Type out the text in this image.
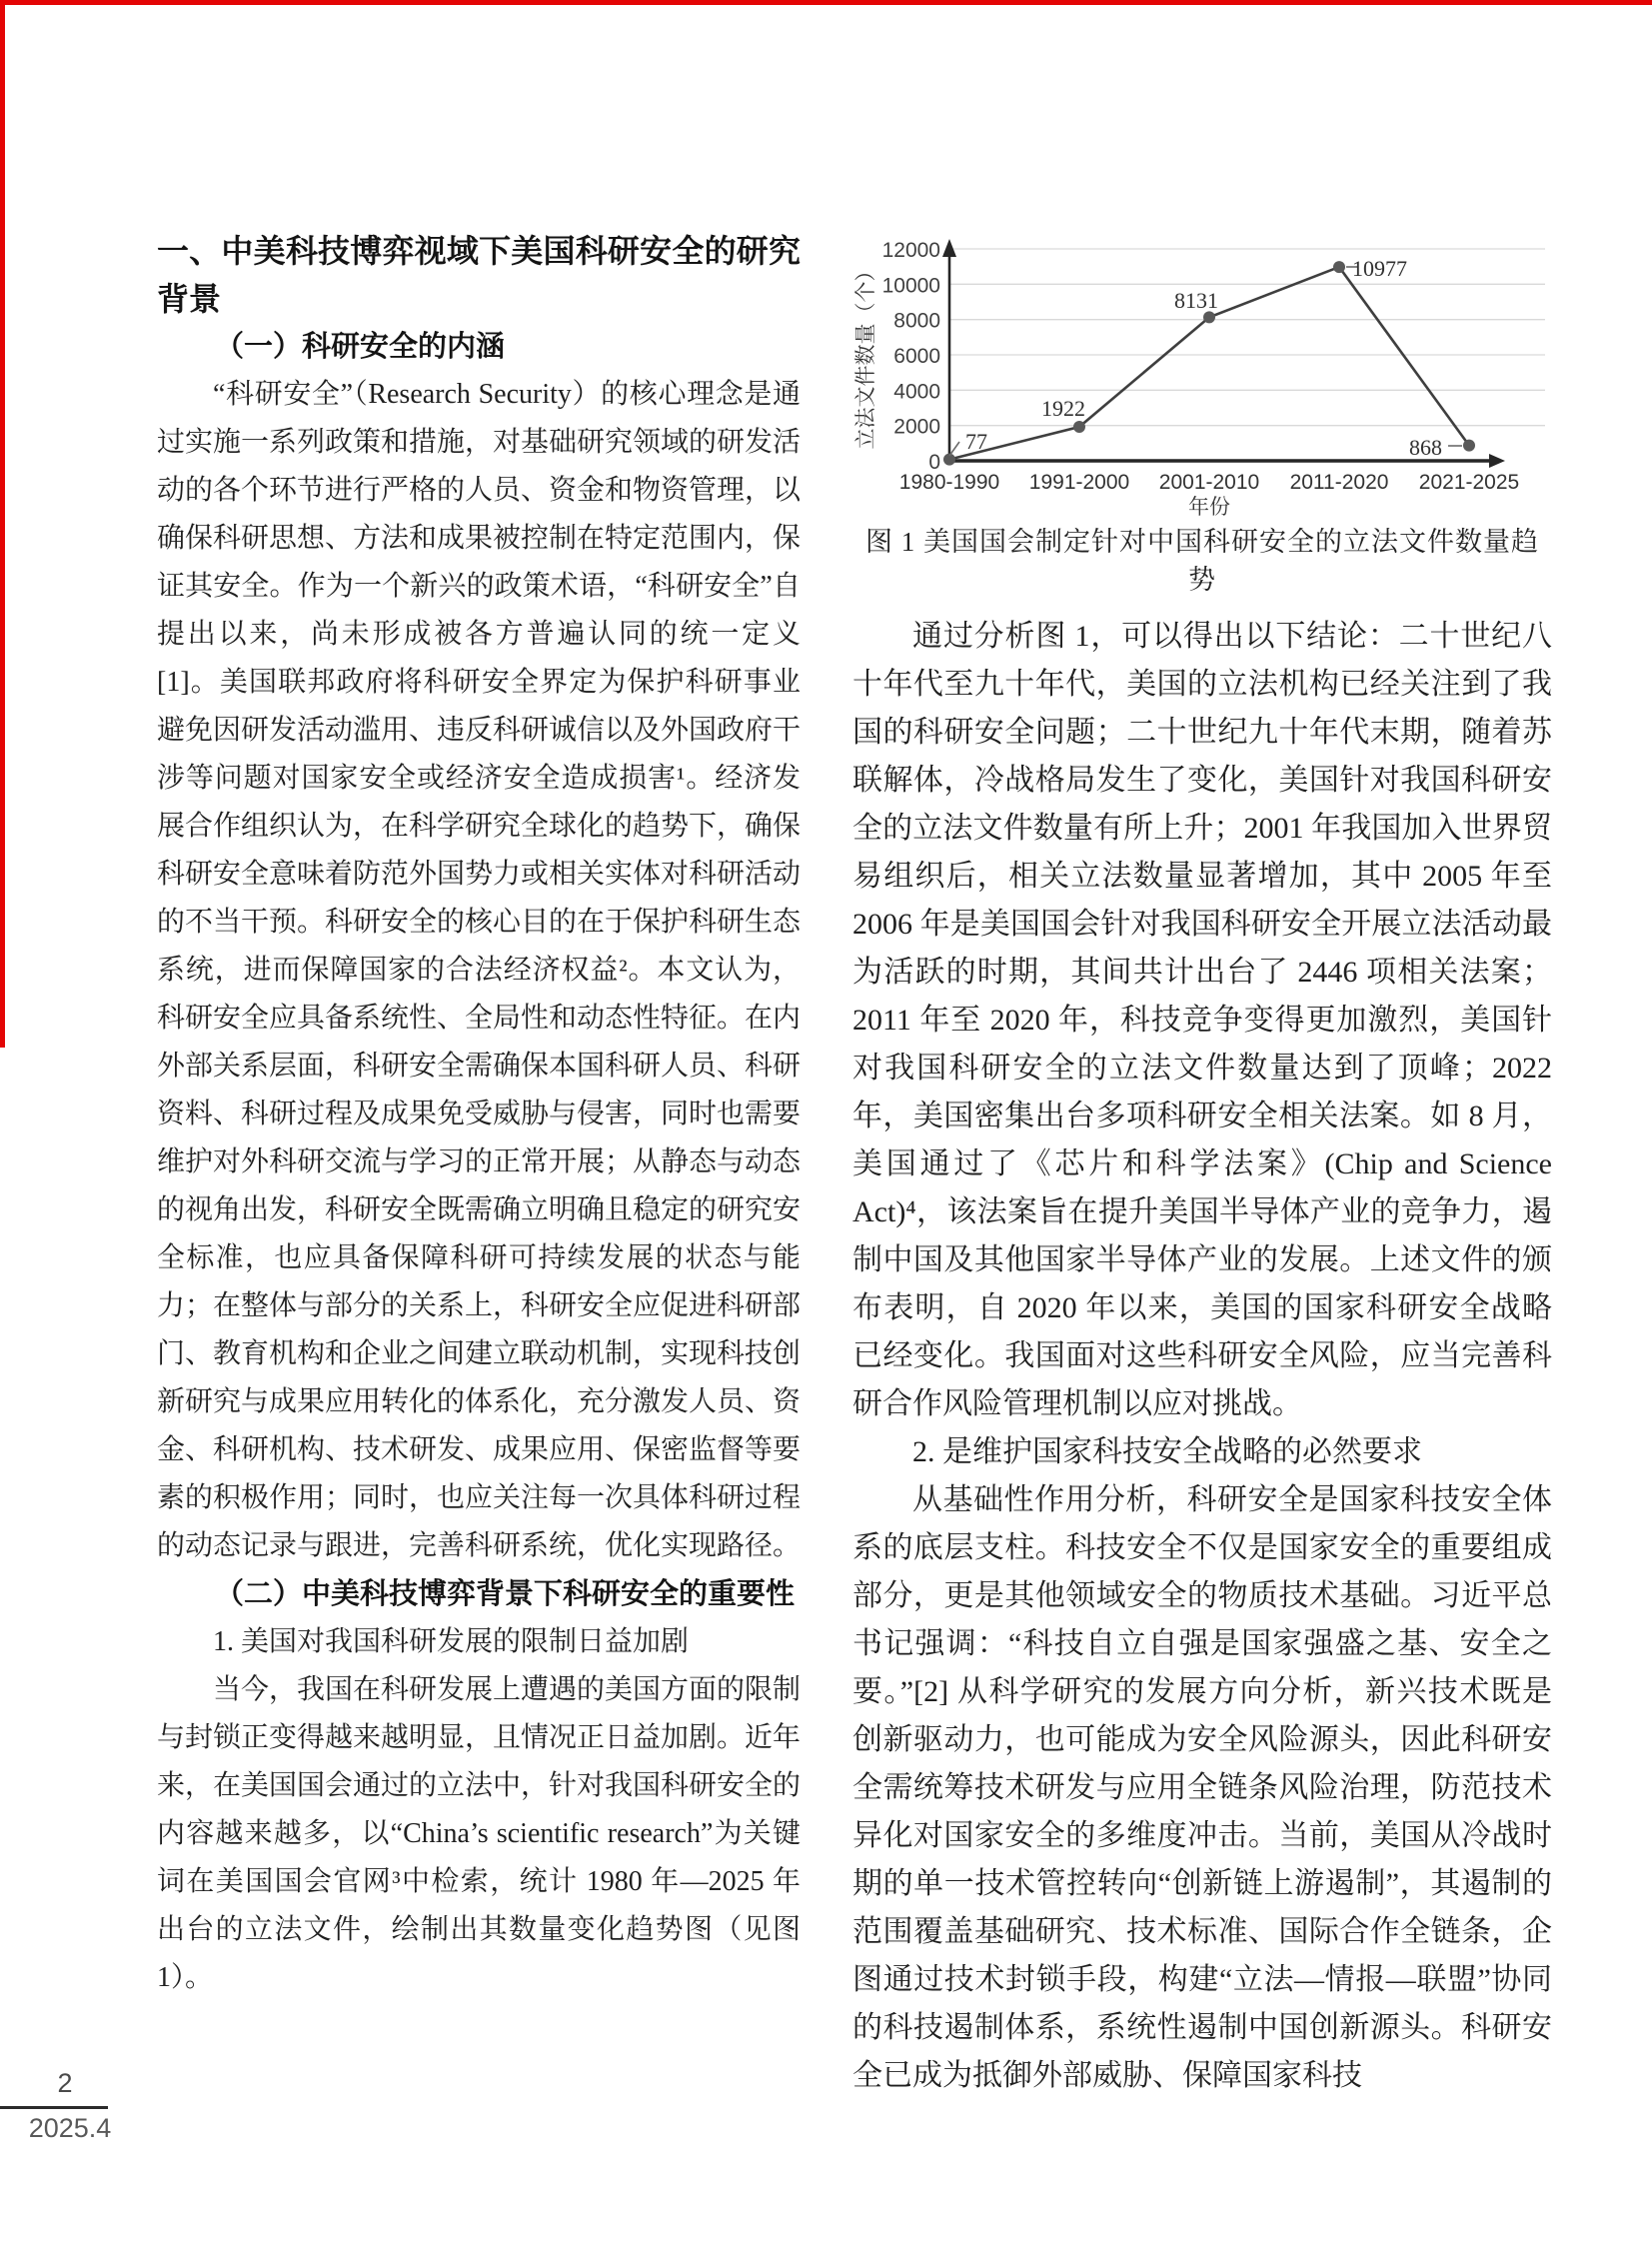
一、中美科技博弈视域下美国科研安全的研究背景
（一）科研安全的内涵

“科研安全”（Research Security）的核心理念是通过实施一系列政策和措施，对基础研究领域的研发活动的各个环节进行严格的人员、资金和物资管理，以确保科研思想、方法和成果被控制在特定范围内，保证其安全。作为一个新兴的政策术语，“科研安全”自提出以来，尚未形成被各方普遍认同的统一定义[1]。美国联邦政府将科研安全界定为保护科研事业避免因研发活动滥用、违反科研诚信以及外国政府干涉等问题对国家安全或经济安全造成损害¹。经济发展合作组织认为，在科学研究全球化的趋势下，确保科研安全意味着防范外国势力或相关实体对科研活动的不当干预。科研安全的核心目的在于保护科研生态系统，进而保障国家的合法经济权益²。本文认为，科研安全应具备系统性、全局性和动态性特征。在内外部关系层面，科研安全需确保本国科研人员、科研资料、科研过程及成果免受威胁与侵害，同时也需要维护对外科研交流与学习的正常开展；从静态与动态的视角出发，科研安全既需确立明确且稳定的研究安全标准，也应具备保障科研可持续发展的状态与能力；在整体与部分的关系上，科研安全应促进科研部门、教育机构和企业之间建立联动机制，实现科技创新研究与成果应用转化的体系化，充分激发人员、资金、科研机构、技术研发、成果应用、保密监督等要素的积极作用；同时，也应关注每一次具体科研过程的动态记录与跟进，完善科研系统，优化实现路径。

（二）中美科技博弈背景下科研安全的重要性

1. 美国对我国科研发展的限制日益加剧

当今，我国在科研发展上遭遇的美国方面的限制与封锁正变得越来越明显，且情况正日益加剧。近年来，在美国国会通过的立法中，针对我国科研安全的内容越来越多，以“China’s scientific research”为关键词在美国国会官网³中检索，统计 1980 年—2025 年出台的立法文件，绘制出其数量变化趋势图（见图 1）。

0
2000
4000
6000
8000
10000
12000
77
1922
8131
10977
868
1980-1990 1991-2000 2001-2010 2011-2020 2021-2025
年份
立法文件数量（个）
图 1 美国国会制定针对中国科研安全的立法文件数量趋势

通过分析图 1，可以得出以下结论：二十世纪八十年代至九十年代，美国的立法机构已经关注到了我国的科研安全问题；二十世纪九十年代末期，随着苏联解体，冷战格局发生了变化，美国针对我国科研安全的立法文件数量有所上升；2001 年我国加入世界贸易组织后，相关立法数量显著增加，其中 2005 年至 2006 年是美国国会针对我国科研安全开展立法活动最为活跃的时期，其间共计出台了 2446 项相关法案；2011 年至 2020 年，科技竞争变得更加激烈，美国针对我国科研安全的立法文件数量达到了顶峰；2022 年，美国密集出台多项科研安全相关法案。如 8 月，美国通过了《芯片和科学法案》(Chip and Science Act)⁴，该法案旨在提升美国半导体产业的竞争力，遏制中国及其他国家半导体产业的发展。上述文件的颁布表明，自 2020 年以来，美国的国家科研安全战略已经变化。我国面对这些科研安全风险，应当完善科研合作风险管理机制以应对挑战。

2. 是维护国家科技安全战略的必然要求

从基础性作用分析，科研安全是国家科技安全体系的底层支柱。科技安全不仅是国家安全的重要组成部分，更是其他领域安全的物质技术基础。习近平总书记强调：“科技自立自强是国家强盛之基、安全之要。”[2] 从科学研究的发展方向分析，新兴技术既是创新驱动力，也可能成为安全风险源头，因此科研安全需统筹技术研发与应用全链条风险治理，防范技术异化对国家安全的多维度冲击。当前，美国从冷战时期的单一技术管控转向“创新链上游遏制”，其遏制的范围覆盖基础研究、技术标准、国际合作全链条，企图通过技术封锁手段，构建“立法—情报—联盟”协同的科技遏制体系，系统性遏制中国创新源头。科研安全已成为抵御外部威胁、保障国家科技

2
2025.4
